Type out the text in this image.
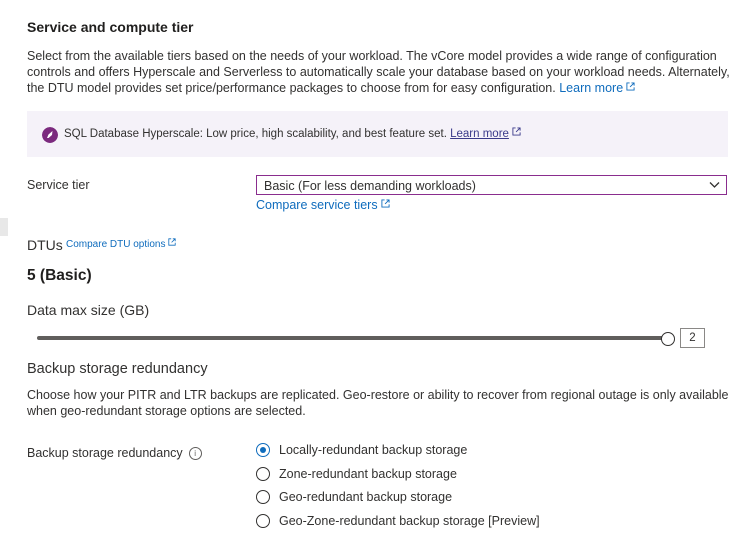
Service and compute tier
Select from the available tiers based on the needs of your workload. The vCore model provides a wide range of configuration controls and offers Hyperscale and Serverless to automatically scale your database based on your workload needs. Alternately, the DTU model provides set price/performance packages to choose from for easy configuration. Learn more
SQL Database Hyperscale: Low price, high scalability, and best feature set. Learn more
Service tier	Basic (For less demanding workloads)
Compare service tiers
DTUs Compare DTU options
5 (Basic)
Data max size (GB)
2
Backup storage redundancy
Choose how your PITR and LTR backups are replicated. Geo-restore or ability to recover from regional outage is only available when geo-redundant storage options are selected.
Backup storage redundancy i	Locally-redundant backup storage
Zone-redundant backup storage
Geo-redundant backup storage
Geo-Zone-redundant backup storage [Preview]
